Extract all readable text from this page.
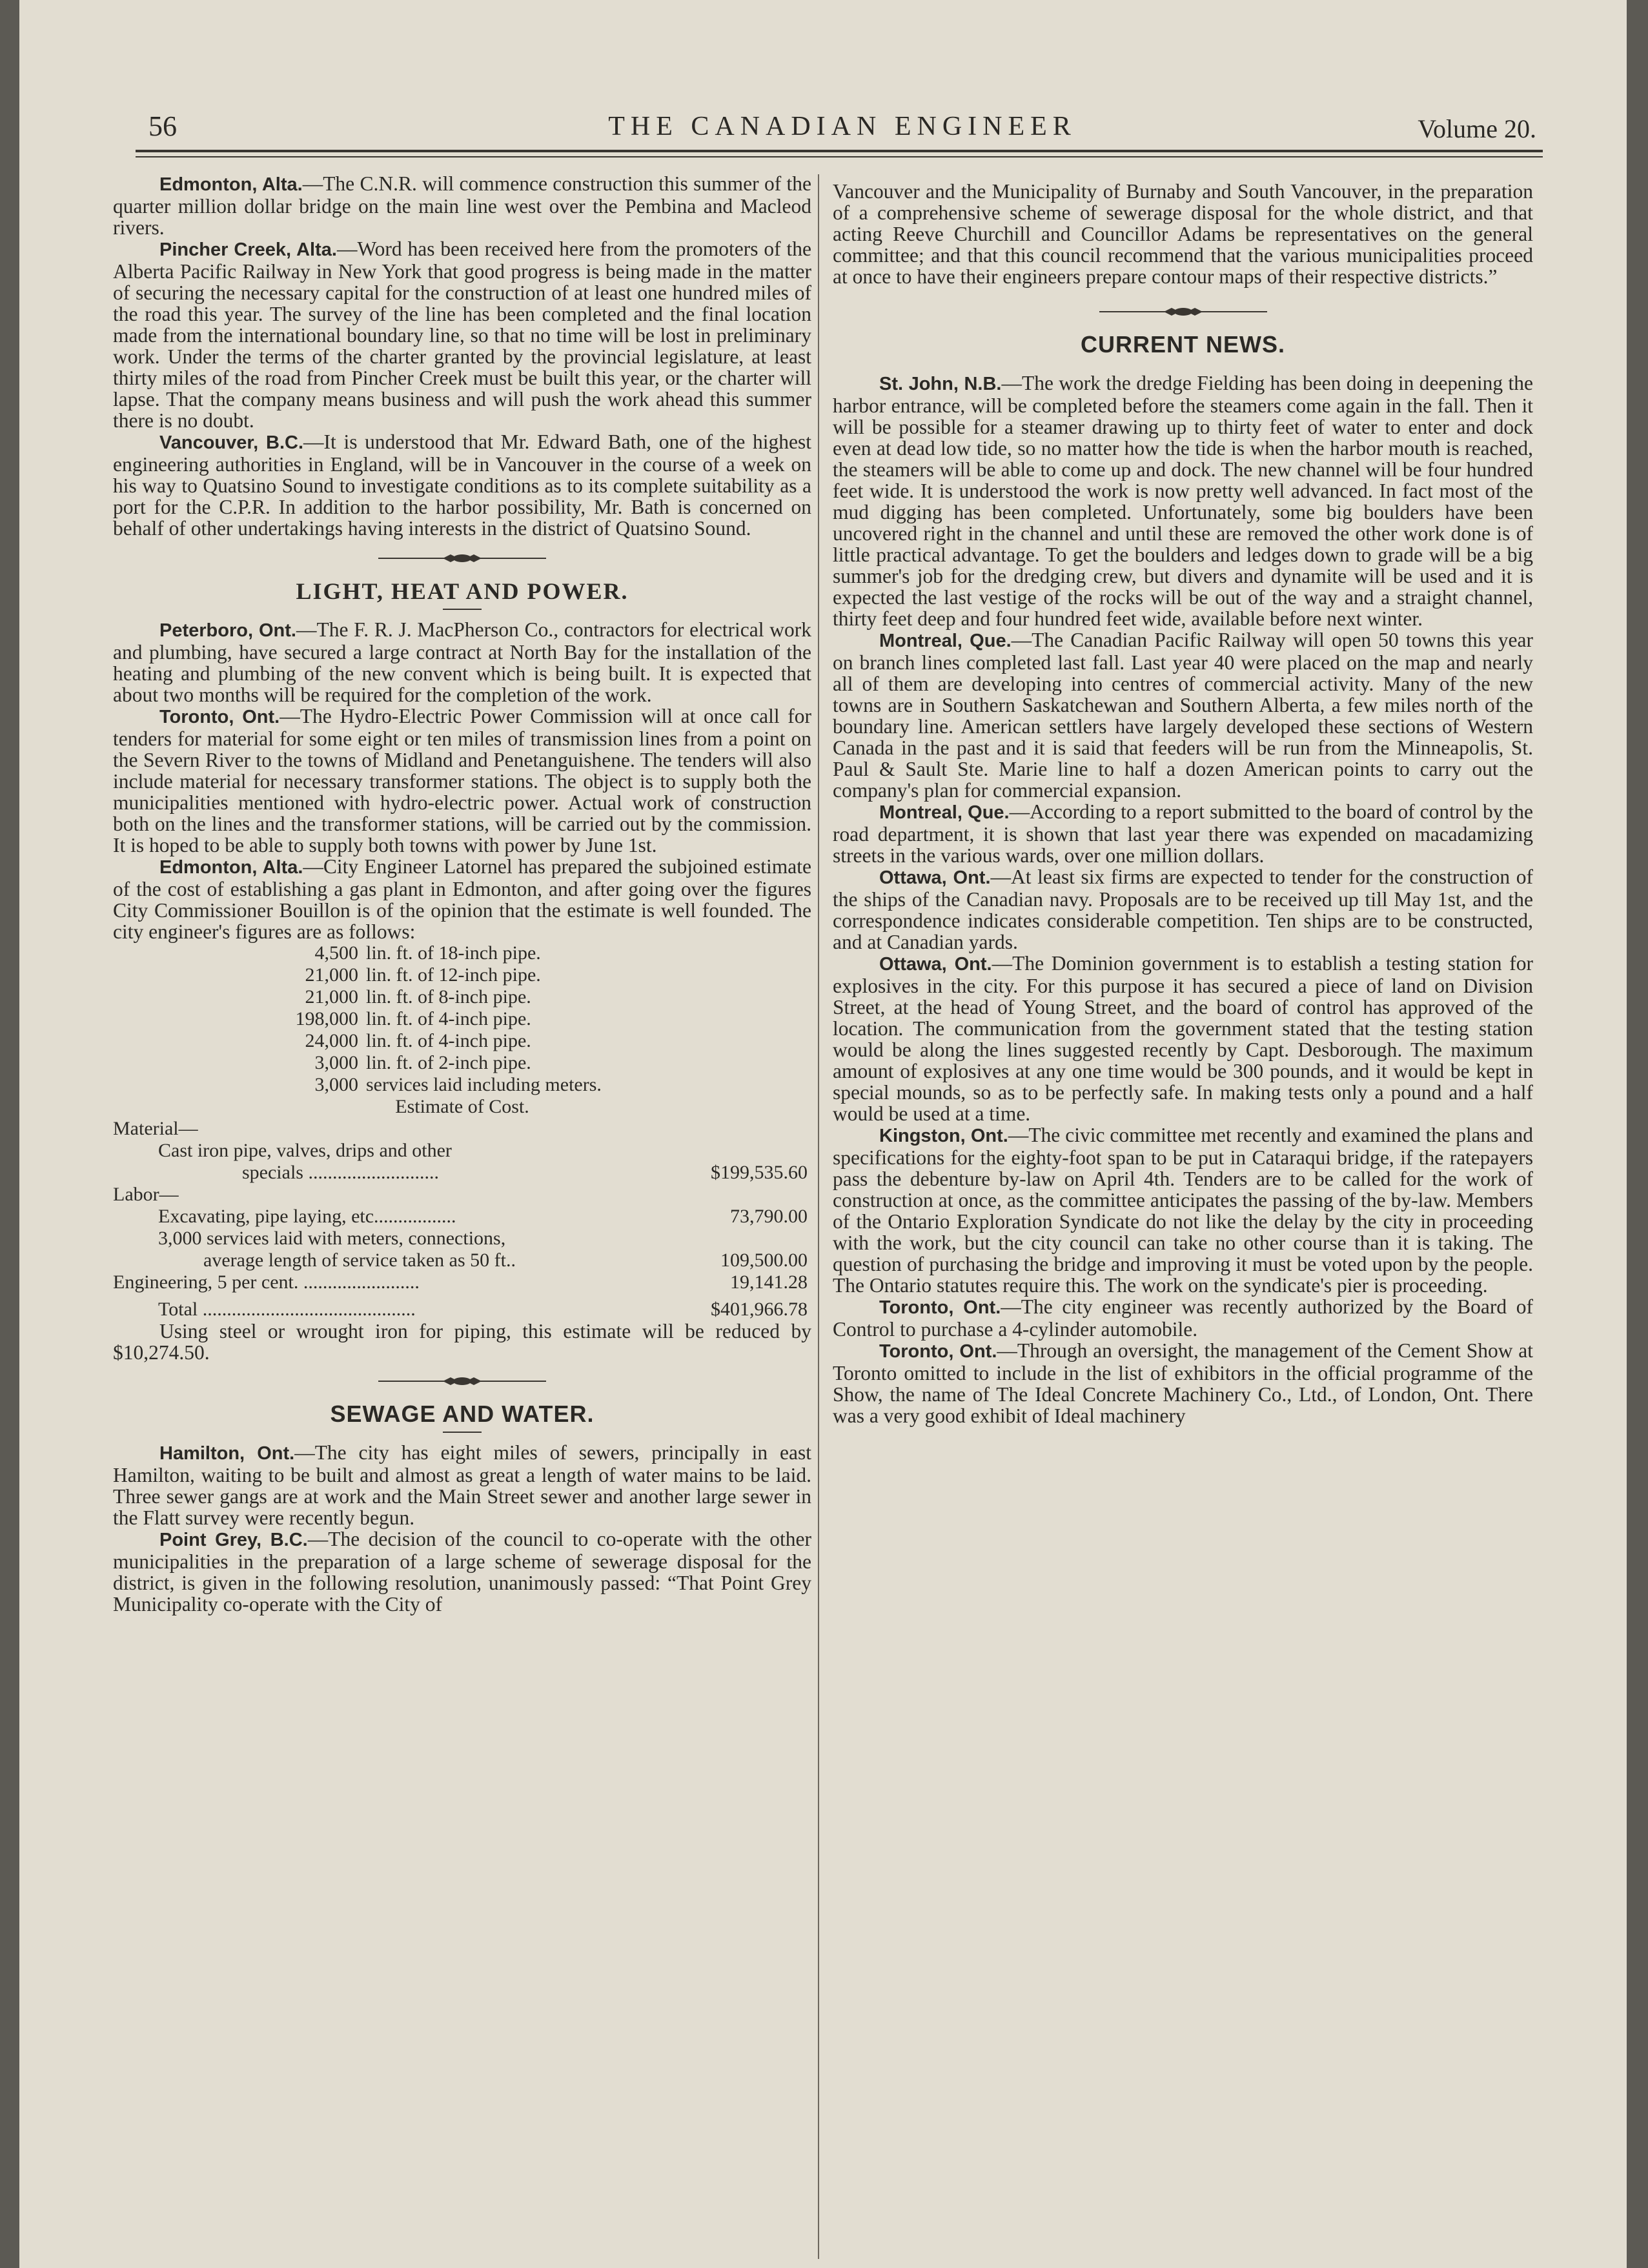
56	THE CANADIAN ENGINEER	Volume 20.

Edmonton, Alta.—The C.N.R. will commence construction this summer of the quarter million dollar bridge on the main line west over the Pembina and Macleod rivers.

Pincher Creek, Alta.—Word has been received here from the promoters of the Alberta Pacific Railway in New York that good progress is being made in the matter of securing the necessary capital for the construction of at least one hundred miles of the road this year. The survey of the line has been completed and the final location made from the international boundary line, so that no time will be lost in preliminary work. Under the terms of the charter granted by the provincial legislature, at least thirty miles of the road from Pincher Creek must be built this year, or the charter will lapse. That the company means business and will push the work ahead this summer there is no doubt.

Vancouver, B.C.—It is understood that Mr. Edward Bath, one of the highest engineering authorities in England, will be in Vancouver in the course of a week on his way to Quatsino Sound to investigate conditions as to its complete suitability as a port for the C.P.R. In addition to the harbor possibility, Mr. Bath is concerned on behalf of other undertakings having interests in the district of Quatsino Sound.

LIGHT, HEAT AND POWER.

Peterboro, Ont.—The F. R. J. MacPherson Co., contractors for electrical work and plumbing, have secured a large contract at North Bay for the installation of the heating and plumbing of the new convent which is being built. It is expected that about two months will be required for the completion of the work.

Toronto, Ont.—The Hydro-Electric Power Commission will at once call for tenders for material for some eight or ten miles of transmission lines from a point on the Severn River to the towns of Midland and Penetanguishene. The tenders will also include material for necessary transformer stations. The object is to supply both the municipalities mentioned with hydro-electric power. Actual work of construction both on the lines and the transformer stations, will be carried out by the commission. It is hoped to be able to supply both towns with power by June 1st.

Edmonton, Alta.—City Engineer Latornel has prepared the subjoined estimate of the cost of establishing a gas plant in Edmonton, and after going over the figures City Commissioner Bouillon is of the opinion that the estimate is well founded. The city engineer's figures are as follows:

4,500 lin. ft. of 18-inch pipe.
21,000 lin. ft. of 12-inch pipe.
21,000 lin. ft. of 8-inch pipe.
198,000 lin. ft. of 4-inch pipe.
24,000 lin. ft. of 4-inch pipe.
3,000 lin. ft. of 2-inch pipe.
3,000 services laid including meters.
Estimate of Cost.
Material—
Cast iron pipe, valves, drips and other
specials ...........................	$199,535.60
Labor—
Excavating, pipe laying, etc.................	73,790.00
3,000 services laid with meters, connections,
average length of service taken as 50 ft..	109,500.00
Engineering, 5 per cent. ........................	19,141.28
Total ............................................	$401,966.78

Using steel or wrought iron for piping, this estimate will be reduced by $10,274.50.

SEWAGE AND WATER.

Hamilton, Ont.—The city has eight miles of sewers, principally in east Hamilton, waiting to be built and almost as great a length of water mains to be laid. Three sewer gangs are at work and the Main Street sewer and another large sewer in the Flatt survey were recently begun.

Point Grey, B.C.—The decision of the council to co-operate with the other municipalities in the preparation of a large scheme of sewerage disposal for the district, is given in the following resolution, unanimously passed: “That Point Grey Municipality co-operate with the City of

Vancouver and the Municipality of Burnaby and South Vancouver, in the preparation of a comprehensive scheme of sewerage disposal for the whole district, and that acting Reeve Churchill and Councillor Adams be representatives on the general committee; and that this council recommend that the various municipalities proceed at once to have their engineers prepare contour maps of their respective districts.”

CURRENT NEWS.

St. John, N.B.—The work the dredge Fielding has been doing in deepening the harbor entrance, will be completed before the steamers come again in the fall. Then it will be possible for a steamer drawing up to thirty feet of water to enter and dock even at dead low tide, so no matter how the tide is when the harbor mouth is reached, the steamers will be able to come up and dock. The new channel will be four hundred feet wide. It is understood the work is now pretty well advanced. In fact most of the mud digging has been completed. Unfortunately, some big boulders have been uncovered right in the channel and until these are removed the other work done is of little practical advantage. To get the boulders and ledges down to grade will be a big summer's job for the dredging crew, but divers and dynamite will be used and it is expected the last vestige of the rocks will be out of the way and a straight channel, thirty feet deep and four hundred feet wide, available before next winter.

Montreal, Que.—The Canadian Pacific Railway will open 50 towns this year on branch lines completed last fall. Last year 40 were placed on the map and nearly all of them are developing into centres of commercial activity. Many of the new towns are in Southern Saskatchewan and Southern Alberta, a few miles north of the boundary line. American settlers have largely developed these sections of Western Canada in the past and it is said that feeders will be run from the Minneapolis, St. Paul & Sault Ste. Marie line to half a dozen American points to carry out the company's plan for commercial expansion.

Montreal, Que.—According to a report submitted to the board of control by the road department, it is shown that last year there was expended on macadamizing streets in the various wards, over one million dollars.

Ottawa, Ont.—At least six firms are expected to tender for the construction of the ships of the Canadian navy. Proposals are to be received up till May 1st, and the correspondence indicates considerable competition. Ten ships are to be constructed, and at Canadian yards.

Ottawa, Ont.—The Dominion government is to establish a testing station for explosives in the city. For this purpose it has secured a piece of land on Division Street, at the head of Young Street, and the board of control has approved of the location. The communication from the government stated that the testing station would be along the lines suggested recently by Capt. Desborough. The maximum amount of explosives at any one time would be 300 pounds, and it would be kept in special mounds, so as to be perfectly safe. In making tests only a pound and a half would be used at a time.

Kingston, Ont.—The civic committee met recently and examined the plans and specifications for the eighty-foot span to be put in Cataraqui bridge, if the ratepayers pass the debenture by-law on April 4th. Tenders are to be called for the work of construction at once, as the committee anticipates the passing of the by-law. Members of the Ontario Exploration Syndicate do not like the delay by the city in proceeding with the work, but the city council can take no other course than it is taking. The question of purchasing the bridge and improving it must be voted upon by the people. The Ontario statutes require this. The work on the syndicate's pier is proceeding.

Toronto, Ont.—The city engineer was recently authorized by the Board of Control to purchase a 4-cylinder automobile.

Toronto, Ont.—Through an oversight, the management of the Cement Show at Toronto omitted to include in the list of exhibitors in the official programme of the Show, the name of The Ideal Concrete Machinery Co., Ltd., of London, Ont. There was a very good exhibit of Ideal machinery
